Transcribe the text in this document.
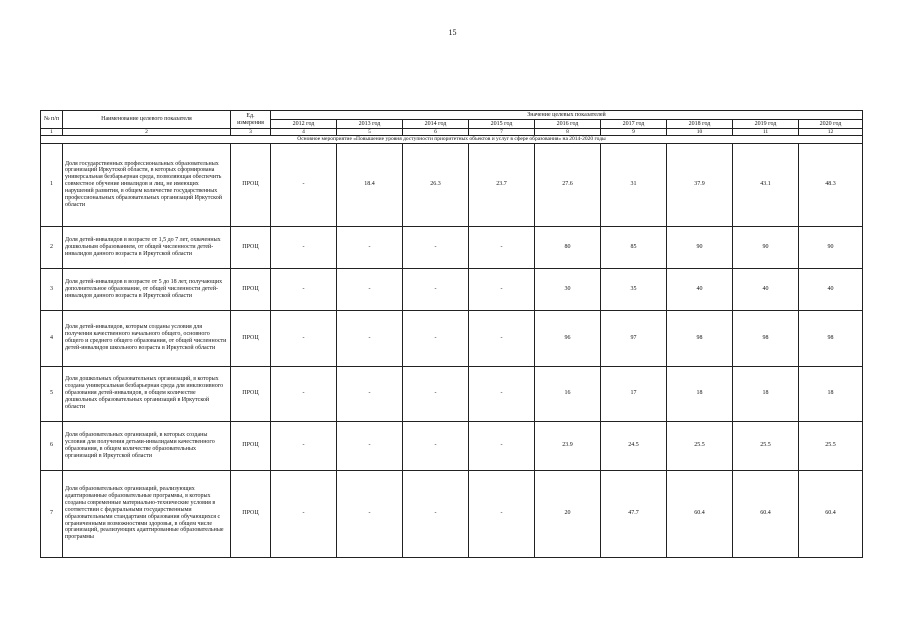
15
№ п/п	Наименование целевого показателя	Ед. измерения	Значение целевых показателей								
			2012 год	2013 год	2014 год	2015 год	2016 год	2017 год	2018 год	2019 год	2020 год
1	2	3	4	5	6	7	8	9	10	11	12
Основное мероприятие «Повышение уровня доступности приоритетных объектов и услуг в сфере образования» на 2014-2020 годы											
1	Доля государственных профессиональных образовательных организаций Иркутской области, в которых сформирована универсальная безбарьерная среда, позволяющая обеспечить совместное обучение инвалидов и лиц, не имеющих нарушений развития, в общем количестве государственных профессиональных образовательных организаций Иркутской области	ПРОЦ	-	18.4	26.3	23.7	27.6	31	37.9	43.1	48.3
2	Доля детей-инвалидов в возрасте от 1,5 до 7 лет, охваченных дошкольным образованием, от общей численности детей-инвалидов данного возраста в Иркутской области	ПРОЦ	-	-	-	-	80	85	90	90	90
3	Доля детей-инвалидов в возрасте от 5 до 18 лет, получающих дополнительное образование, от общей численности детей-инвалидов данного возраста в Иркутской области	ПРОЦ	-	-	-	-	30	35	40	40	40
4	Доля детей-инвалидов, которым созданы условия для получения качественного начального общего, основного общего и среднего общего образования, от общей численности детей-инвалидов школьного возраста в Иркутской области	ПРОЦ	-	-	-	-	96	97	98	98	98
5	Доля дошкольных образовательных организаций, в которых создана универсальная безбарьерная среда для инклюзивного образования детей-инвалидов, в общем количестве дошкольных образовательных организаций в Иркутской области	ПРОЦ	-	-	-	-	16	17	18	18	18
6	Доля образовательных организаций, в которых созданы условия для получения детьми-инвалидами качественного образования, в общем количестве образовательных организаций в Иркутской области	ПРОЦ	-	-	-	-	23.9	24.5	25.5	25.5	25.5
7	Доля образовательных организаций, реализующих адаптированные образовательные программы, в которых созданы современные материально-технические условия в соответствии с федеральными государственными образовательными стандартами образования обучающихся с ограниченными возможностями здоровья, в общем числе организаций, реализующих адаптированные образовательные программы	ПРОЦ	-	-	-	-	20	47.7	60.4	60.4	60.4
